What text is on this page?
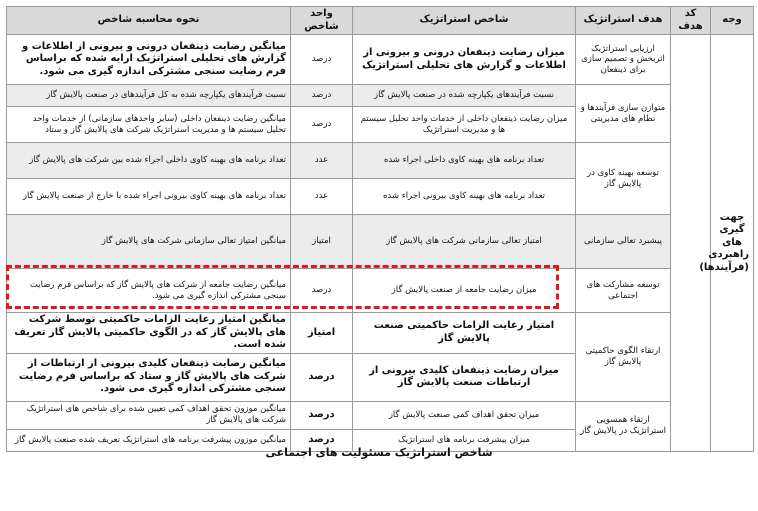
وجه	کد هدف	هدف استراتژیک	شاخص استراتژیک	واحد شاخص	نحوه محاسبه شاخص
جهت گیری های راهبردی (فرآیندها)		ارزیابی استراتژیک اثربخش و تصمیم سازی برای ذینفعان	میزان رضایت ذینفعان درونی و بیرونی از اطلاعات و گزارش های تحلیلی استراتژیک	درصد	میانگین رضایت ذینفعان درونی و بیرونی از اطلاعات و گزارش های تحلیلی استراتژیک ارایه شده که براساس فرم رضایت سنجی مشترکی اندازه گیری می شود.
		متوازن سازی فرآیندها و نظام های مدیریتی	نسبت فرآیندهای یکپارچه شده در صنعت پالایش گاز	درصد	نسبت فرآیندهای یکپارچه شده به کل فرآیندهای در صنعت پالایش گاز
			میزان رضایت ذینفعان داخلی از خدمات واحد تحلیل سیستم ها و مدیریت استراتژیک	درصد	میانگین رضایت ذینفعان داخلی (سایر واحدهای سازمانی) از خدمات واحد تحلیل سیستم ها و مدیریت استراتژیک شرکت های پالایش گاز و ستاد
		توسعه بهینه کاوی در پالایش گاز	تعداد برنامه های بهینه کاوی داخلی اجراء شده	عدد	تعداد برنامه های بهینه کاوی داخلی اجراء شده بین شرکت های پالایش گاز
			تعداد برنامه های بهینه کاوی بیرونی اجراء شده	عدد	تعداد برنامه های بهینه کاوی بیرونی اجراء شده با خارج از صنعت پالایش گاز
		پیشبرد تعالی سازمانی	امتیاز تعالی سازمانی شرکت های پالایش گاز	امتیاز	میانگین امتیاز تعالی سازمانی شرکت های پالایش گاز
		توسعه مشارکت های اجتماعی	میزان رضایت جامعه از صنعت پالایش گاز	درصد	میانگین رضایت جامعه از شرکت های پالایش گاز که براساس فرم رضایت سنجی مشترکی اندازه گیری می شود.
		ارتقاء الگوی حاکمیتی پالایش گاز	امتیاز رعایت الزامات حاکمیتی صنعت پالایش گاز	امتیاز	میانگین امتیاز رعایت الزامات حاکمیتی توسط شرکت های پالایش گاز که در الگوی حاکمیتی پالایش گاز تعریف شده است.
			میزان رضایت ذینفعان کلیدی بیرونی از ارتباطات صنعت پالایش گاز	درصد	میانگین رضایت ذینفعان کلیدی بیرونی از ارتباطات از شرکت های پالایش گاز و ستاد که براساس فرم رضایت سنجی مشترکی اندازه گیری می شود.
		ارتقاء همسویی استراتژیک در پالایش گاز	میزان تحقق اهداف کمی صنعت پالایش گاز	درصد	میانگین موزون تحقق اهداف کمی تعیین شده برای شاخص های استراتژیک شرکت های پالایش گاز
			میزان پیشرفت برنامه های استراتژیک	درصد	میانگین موزون پیشرفت برنامه های استراتژیک تعریف شده صنعت پالایش گاز
شاخص استراتژیک مسئولیت های اجتماعی
